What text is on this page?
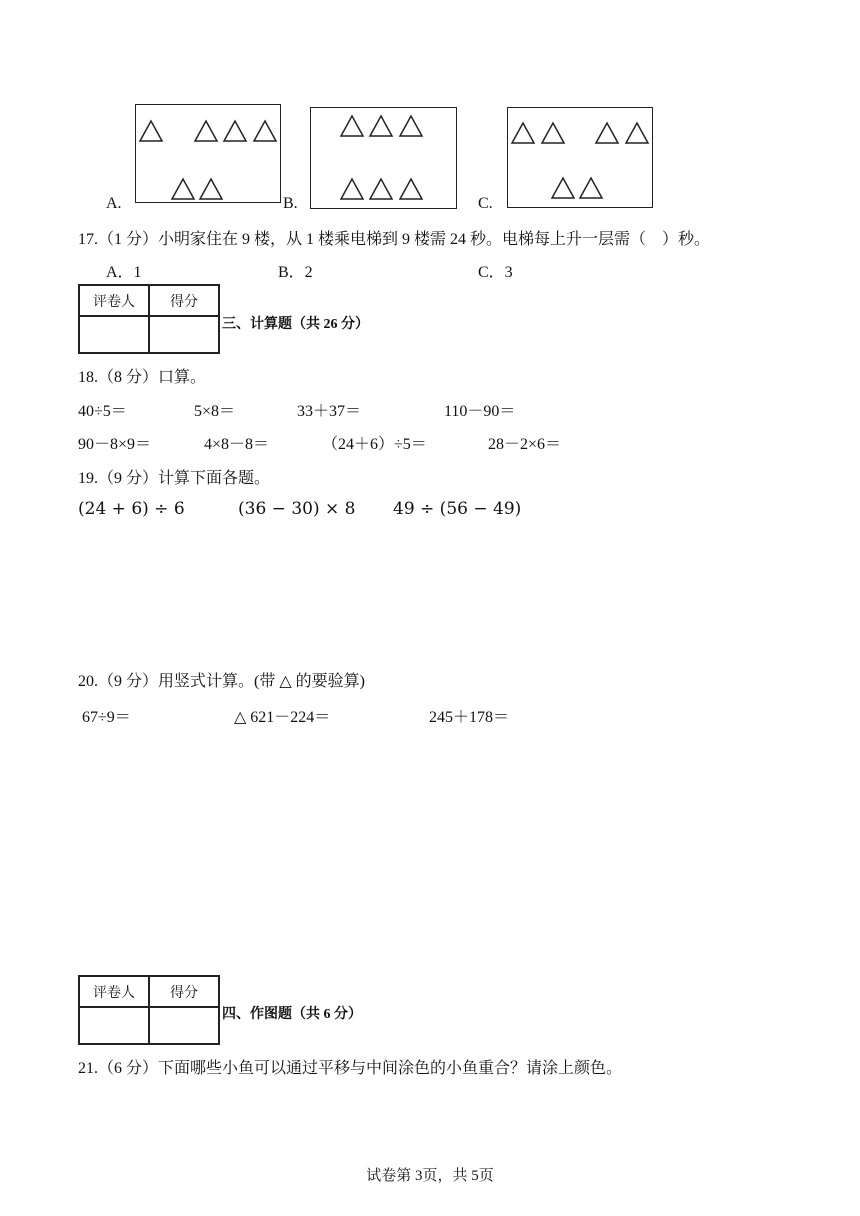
A.	B.	C.
17.（1 分）小明家住在 9 楼，从 1 楼乘电梯到 9 楼需 24 秒。电梯每上升一层需（　）秒。
A．1	B．2	C．3
评卷人	得分

三、计算题（共 26 分）
18.（8 分）口算。
40÷5＝	5×8＝	33＋37＝	110－90＝
90－8×9＝	4×8－8＝	（24＋6）÷5＝	28－2×6＝
19.（9 分）计算下面各题。
(24 + 6) ÷ 6	(36 − 30) × 8 49 ÷ (56 − 49)
20.（9 分）用竖式计算。(带 △ 的要验算)
67÷9＝	△ 621－224＝	245＋178＝
评卷人	得分

四、作图题（共 6 分）
21.（6 分）下面哪些小鱼可以通过平移与中间涂色的小鱼重合？请涂上颜色。
试卷第 3页，共 5页
